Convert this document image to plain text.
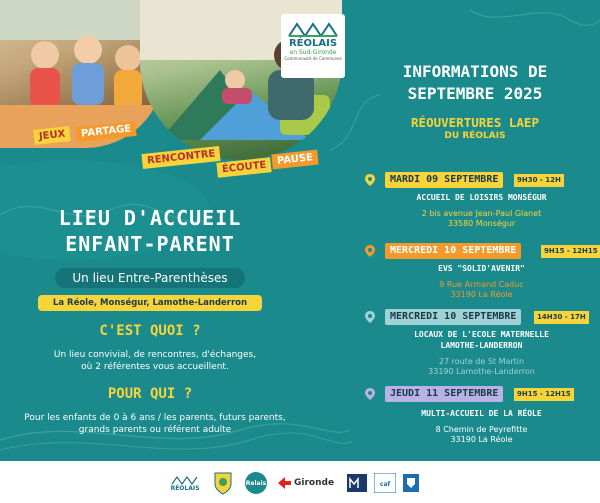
JEUX	PARTAGE
RENCONTRE
ÉCOUTE
PAUSE
RÉOLAIS
en Sud-Gironde
Communauté de Communes
LIEU D'ACCUEIL
ENFANT-PARENT
Un lieu Entre-Parenthèses
La Réole, Monségur, Lamothe-Landerron
C'EST QUOI ?
Un lieu convivial, de rencontres, d'échanges,
où 2 référentes vous accueillent.
POUR QUI ?
Pour les enfants de 0 à 6 ans / les parents, futurs parents,
grands parents ou référent adulte
INFORMATIONS DE
SEPTEMBRE 2025
RÉOUVERTURES LAEP
DU RÉOLAIS
MARDI 09 SEPTEMBRE	9H30 - 12H
ACCUEIL DE LOISIRS MONSÉGUR
2 bis avenue Jean-Paul Glanet
33580 Monségur
MERCREDI 10 SEPTEMBRE	9H15 - 12H15
EVS "SOLID'AVENIR"
9 Rue Armand Caduc
33190 La Réole
MERCREDI 10 SEPTEMBRE	14H30 - 17H
LOCAUX DE L'ECOLE MATERNELLE
LAMOTHE-LANDERRON
27 route de St Martin
33190 Lamothe-Landerron
JEUDI 11 SEPTEMBRE	9H15 - 12H15
MULTI-ACCUEIL DE LA RÉOLE
8 Chemin de Peyrefitte
33190 La Réole
RÉOLAIS
Relais	Gironde	caf
